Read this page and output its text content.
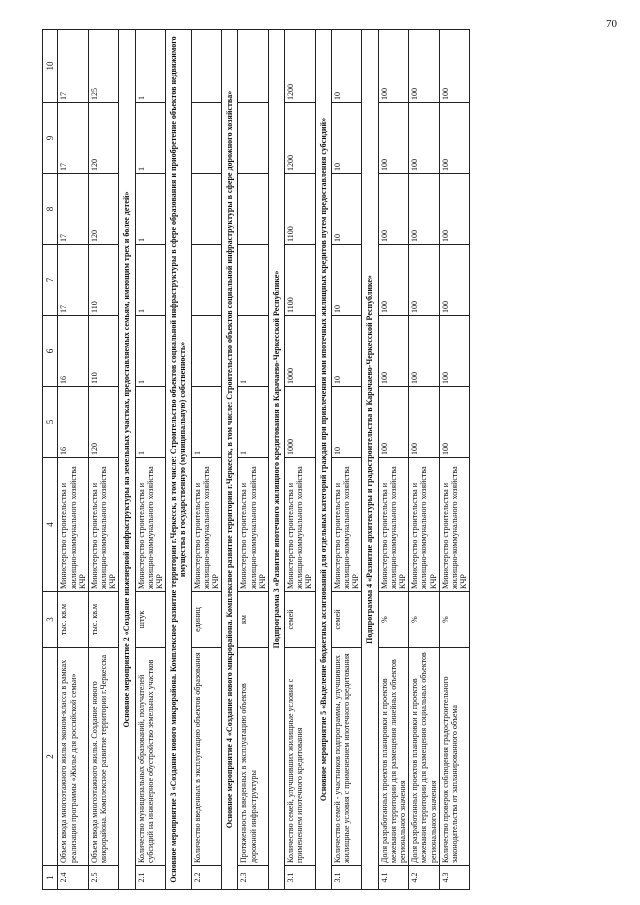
70
1	2	3	4	5	6	7	8	9	10
2.4	Объем ввода многоэтажного жилья эконом-класса в рамках реализации программы «Жилье для российской семьи»	тыс. кв.м	Министерство строительства и жилищно-коммунального хозяйства КЧР	16	16	17	17	17	17
2.5	Объем ввода многоэтажного жилья. Создание нового микрорайона. Комплексное развитие территории г.Черкесска	тыс. кв.м	Министерство строительства и жилищно-коммунального хозяйства КЧР	120	110	110	120	120	125
Основное мероприятие 2 «Создание инженерной инфраструктуры на земельных участках, предоставляемых семьям, имеющим трех и более детей»									
2.1	Количество муниципальных образований, получателей субсидий на инженерное обустройство земельных участков	штук	Министерство строительства и жилищно-коммунального хозяйства КЧР	1	1	1	1	1	1
Основное мероприятие 3 «Создание нового микрорайона. Комплексное развитие территории г.Черкесск, в том числе: Строительство объектов социальной инфраструктуры в сфере образования и приобретение объектов недвижимого имущества в государственную (муниципальную) собственность»									
2.2	Количество введенных в эксплуатацию объектов образования	единиц	Министерство строительства и жилищно-коммунального хозяйства КЧР	1					
Основное мероприятие 4 «Создание нового микрорайона. Комплексное развитие территории г.Черкесск, в том числе: Строительство объектов социальной инфраструктуры в сфере дорожного хозяйства»									
2.3	Протяженность введенных в эксплуатацию объектов дорожной инфраструктуры	км	Министерство строительства и жилищно-коммунального хозяйства КЧР	1	1				
Подпрограмма 3 «Развитие ипотечного жилищного кредитования в Карачаево-Черкесской Республике»									
3.1	Количество семей, улучшивших жилищные условия с применением ипотечного кредитования	семей	Министерство строительства и жилищно-коммунального хозяйства КЧР	1000	1000	1100	1100	1200	1200
Основное мероприятие 5 «Выделение бюджетных ассигнований для отдельных категорий граждан при привлечении ими ипотечных жилищных кредитов путем предоставления субсидий»									
3.1	Количество семей - участников подпрограммы, улучшивших жилищные условия с применением ипотечного кредитования	семей	Министерство строительства и жилищно-коммунального хозяйства КЧР	10	10	10	10	10	10
Подпрограмма 4 «Развитие архитектуры и градостроительства в Карачаево-Черкесской Республике»									
4.1	Доля разработанных проектов планировки и проектов межевания территории для размещения линейных объектов регионального значения	%	Министерство строительства и жилищно-коммунального хозяйства КЧР	100	100	100	100	100	100
4.2	Доля разработанных проектов планировки и проектов межевания территории для размещения социальных объектов регионального значения	%	Министерство строительства и жилищно-коммунального хозяйства КЧР	100	100	100	100	100	100
4.3	Количество проверок соблюдения градостроительного законодательства от запланированного объема	%	Министерство строительства и жилищно-коммунального хозяйства КЧР	100	100	100	100	100	100
